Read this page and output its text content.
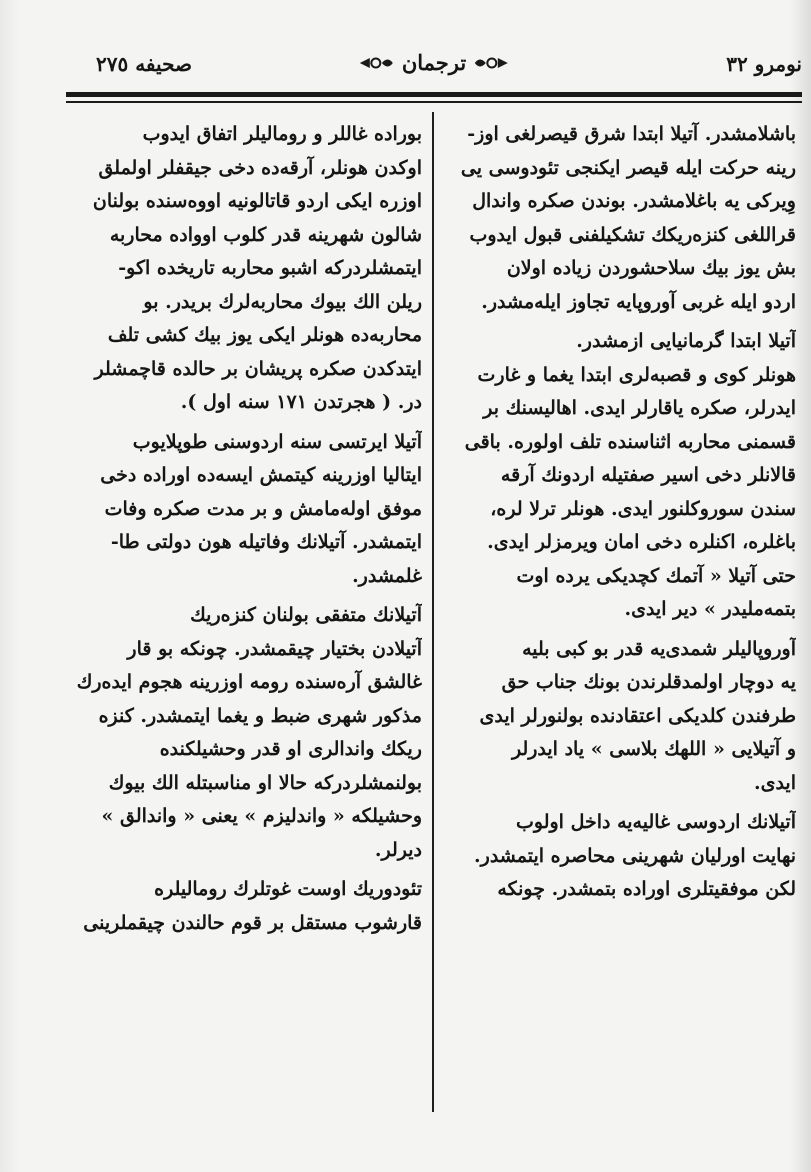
نومرو ٣٢
ترجمان
صحيفه ٢٧٥
باشلامشدر. آتيلا ابتدا شرق قيصرلغى اوز-
رينه حركت ايله قيصر ايكنجى تئودوسى يى
وِيركى يه باغلامشدر. بوندن صكره واندال
قراللغى كنزه‌ريكك تشكيلفنى قبول ايدوب
بش يوز بيك سلاحشوردن زياده اولان
اردو ايله غربى آوروپايه تجاوز ايله‌مشدر.
آتيلا ابتدا گرمانيايى ازمشدر.
هونلر كوى و قصبه‌لرى ابتدا يغما و غارت
ايدرلر، صكره ياقارلر ايدى. اهاليسنك بر
قسمنى محاربه اثناسنده تلف اولوره. باقى
قالانلر دخى اسير صفتيله اردونك آرقه
سندن سوروكلنور ايدى. هونلر ترلا لره،
باغلره، اكنلره دخى امان ويرمزلر ايدى.
حتى آتيلا « آتمك كچديكى يرده اوت
بتمه‌مليدر » دير ايدى.
آوروپاليلر شمدى‌يه قدر بو كبى بليه
يه دوچار اولمدقلرندن بونك جناب حق
طرفندن كلديكى اعتقادنده بولنورلر ايدى
و آتيلايى « اللهك بلاسى » ياد ايدرلر
ايدى.
آتيلانك اردوسى غاليه‌يه داخل اولوب
نهايت اورليان شهرينى محاصره ايتمشدر.
لكن موفقيتلرى اوراده بتمشدر. چونكه
بوراده غاللر و روماليلر اتفاق ايدوب
اوكدن هونلر، آرقه‌ده دخى جيقفلر اولملق
اوزره ايكى اردو قاتالونيه اووه‌سنده بولنان
شالون شهرينه قدر كلوب اوواده محاربه
ايتمشلردركه اشبو محاربه تاريخده اكو-
ريلن الك بيوك محاربه‌لرك بريدر. بو
محاربه‌ده هونلر ايكى يوز بيك كشى تلف
ايتدكدن صكره پريشان بر حالده قاچمشلر
در. ( هجرتدن ١٧١ سنه اول ).
آتيلا ايرتسى سنه اردوسنى طوپلايوب
ايتاليا اوزرينه كيتمش ايسه‌ده اوراده دخى
موفق اوله‌مامش و بر مدت صكره وفات
ايتمشدر. آتيلانك وفاتيله هون دولتى طا-
غلمشدر.
آتيلانك متفقى بولنان كنزه‌ريك
آتيلادن بختيار چيقمشدر. چونكه بو قار
غالشق آره‌سنده رومه اوزرينه هجوم ايده‌رك
مذكور شهرى ضبط و يغما ايتمشدر. كنزه
ريكك واندالرى او قدر وحشيلكنده
بولنمشلردركه حالا او مناسبتله الك بيوك
وحشيلكه « واندليزم » يعنى « واندالق »
ديرلر.
تئودوريك اوست غوتلرك روماليلره
قارشوب مستقل بر قوم حالندن چيقملرينى
